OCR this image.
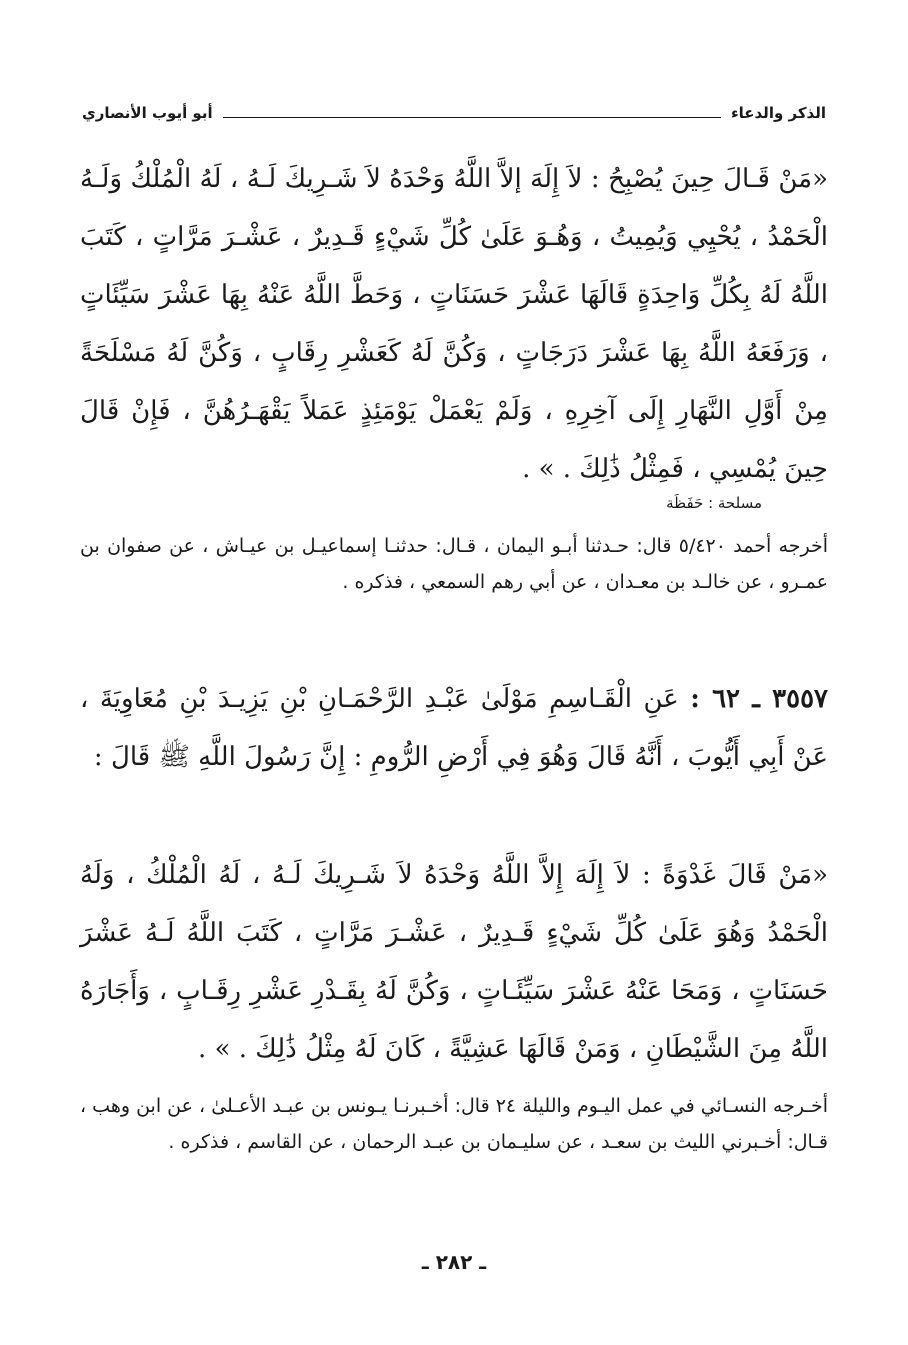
الذكر والدعاء
أبو أيوب الأنصاري

«مَنْ قَـالَ حِينَ يُصْبِحُ : لاَ إِلَهَ إلاَّ اللَّهُ وَحْدَهُ لاَ شَـرِيكَ لَـهُ ، لَهُ الْمُلْكُ وَلَـهُ الْحَمْدُ ، يُحْيِي وَيُمِيتُ ، وَهُـوَ عَلَىٰ كُلِّ شَيْءٍ قَـدِيرٌ ، عَشْـرَ مَرَّاتٍ ، كَتَبَ اللَّهُ لَهُ بِكُلِّ وَاحِدَةٍ قَالَهَا عَشْرَ حَسَنَاتٍ ، وَحَطَّ اللَّهُ عَنْهُ بِهَا عَشْرَ سَيِّئَاتٍ ، وَرَفَعَهُ اللَّهُ بِهَا عَشْرَ دَرَجَاتٍ ، وَكُنَّ لَهُ كَعَشْرِ رِقَابٍ ، وَكُنَّ لَهُ مَسْلَحَةً مِنْ أَوَّلِ النَّهَارِ إِلَى آخِرِهِ ، وَلَمْ يَعْمَلْ يَوْمَئِذٍ عَمَلاً يَقْهَـرُهُنَّ ، فَإِنْ قَالَ حِينَ يُمْسِي ، فَمِثْلُ ذَٰلِكَ . » .

مسلحة : حَفَظَة

أخرجه أحمد ٥/٤٢٠ قال: حـدثنا أبـو اليمان ، قـال: حدثنـا إسماعيـل بن عيـاش ، عن صفوان بن عمـرو ، عن خالـد بن معـدان ، عن أبي رهم السمعي ، فذكره .

٣٥٥٧ ـ ٦٢ : عَنِ الْقَـاسِمِ مَوْلَىٰ عَبْـدِ الرَّحْمَـانِ بْنِ يَزِيـدَ بْنِ مُعَاوِيَةَ ، عَنْ أَبِي أَيُّوبَ ، أَنَّهُ قَالَ وَهُوَ فِي أَرْضِ الرُّومِ : إِنَّ رَسُولَ اللَّهِ ﷺ قَالَ :

«مَنْ قَالَ غَدْوَةً : لاَ إِلَهَ إِلاَّ اللَّهُ وَحْدَهُ لاَ شَـرِيكَ لَـهُ ، لَهُ الْمُلْكُ ، وَلَهُ الْحَمْدُ وَهُوَ عَلَىٰ كُلِّ شَيْءٍ قَـدِيرٌ ، عَشْـرَ مَرَّاتٍ ، كَتَبَ اللَّهُ لَـهُ عَشْرَ حَسَنَاتٍ ، وَمَحَا عَنْهُ عَشْرَ سَيِّئَـاتٍ ، وَكُنَّ لَهُ بِقَـدْرِ عَشْرِ رِقَـابٍ ، وَأَجَارَهُ اللَّهُ مِنَ الشَّيْطَانِ ، وَمَنْ قَالَهَا عَشِيَّةً ، كَانَ لَهُ مِثْلُ ذَٰلِكَ . » .

أخـرجه النسـائي في عمل اليـوم والليلة ٢٤ قال: أخـبرنـا يـونس بن عبـد الأعـلىٰ ، عن ابن وهب ، قـال: أخـبرني الليث بن سعـد ، عن سليـمان بن عبـد الرحمان ، عن القاسم ، فذكره .

ـ ٢٨٢ ـ
